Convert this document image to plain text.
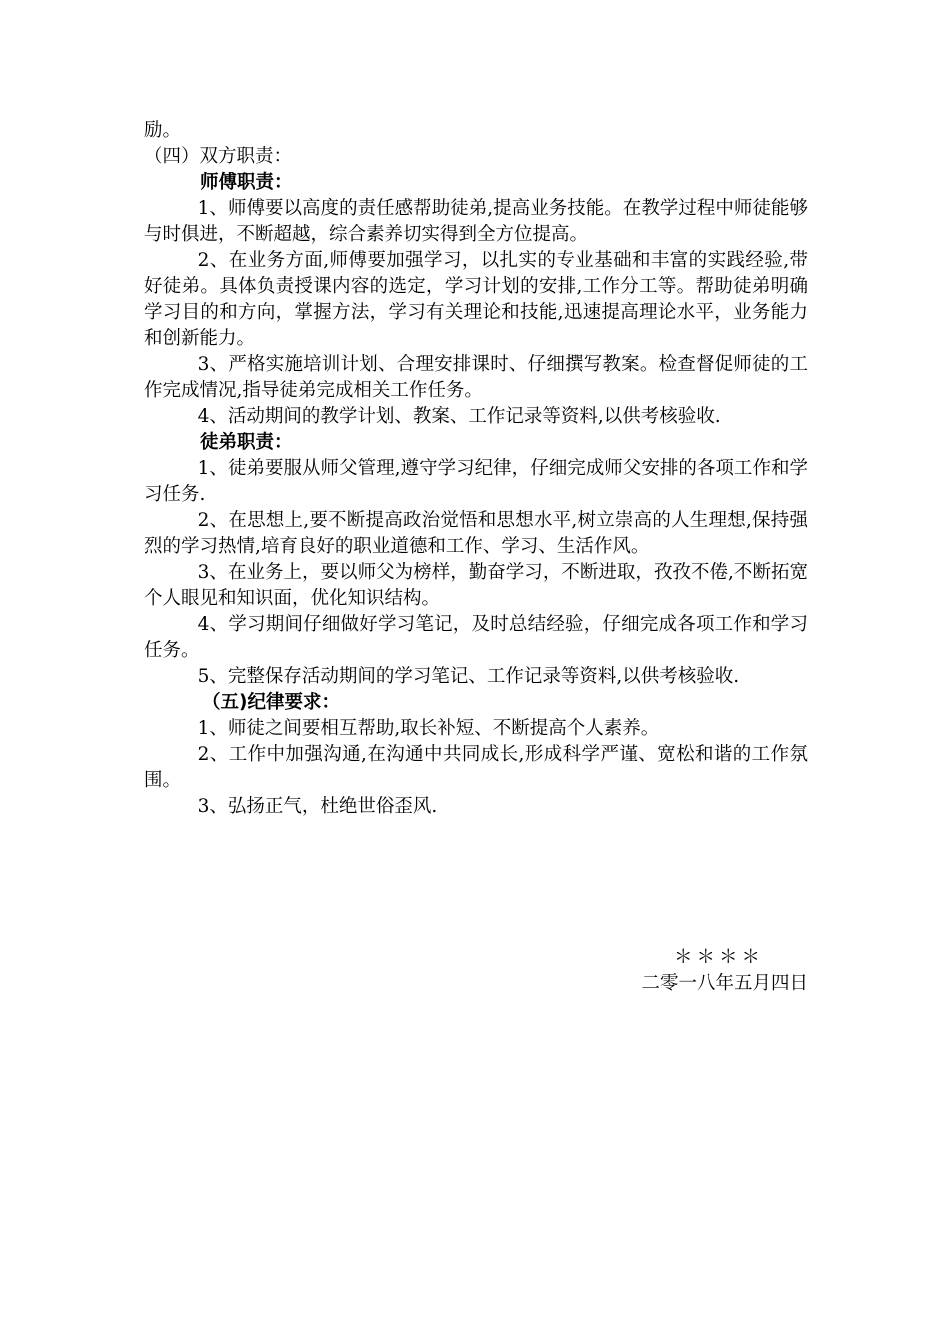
励。
（四）双方职责：
师傅职责：

1、师傅要以高度的责任感帮助徒弟,提高业务技能。在教学过程中师徒能够与时俱进，不断超越，综合素养切实得到全方位提高。

2、在业务方面,师傅要加强学习，以扎实的专业基础和丰富的实践经验,带好徒弟。具体负责授课内容的选定，学习计划的安排,工作分工等。帮助徒弟明确学习目的和方向，掌握方法，学习有关理论和技能,迅速提高理论水平，业务能力和创新能力。

3、严格实施培训计划、合理安排课时、仔细撰写教案。检查督促师徒的工作完成情况,指导徒弟完成相关工作任务。

4、活动期间的教学计划、教案、工作记录等资料,以供考核验收.

徒弟职责：

1、徒弟要服从师父管理,遵守学习纪律，仔细完成师父安排的各项工作和学习任务.

2、在思想上,要不断提高政治觉悟和思想水平,树立崇高的人生理想,保持强烈的学习热情,培育良好的职业道德和工作、学习、生活作风。

3、在业务上，要以师父为榜样，勤奋学习，不断进取，孜孜不倦,不断拓宽个人眼见和知识面，优化知识结构。

4、学习期间仔细做好学习笔记，及时总结经验，仔细完成各项工作和学习任务。

5、完整保存活动期间的学习笔记、工作记录等资料,以供考核验收.

（五)纪律要求：

1、师徒之间要相互帮助,取长补短、不断提高个人素养。

2、工作中加强沟通,在沟通中共同成长,形成科学严谨、宽松和谐的工作氛围。

3、弘扬正气，杜绝世俗歪风.

＊＊＊＊
二零一八年五月四日
